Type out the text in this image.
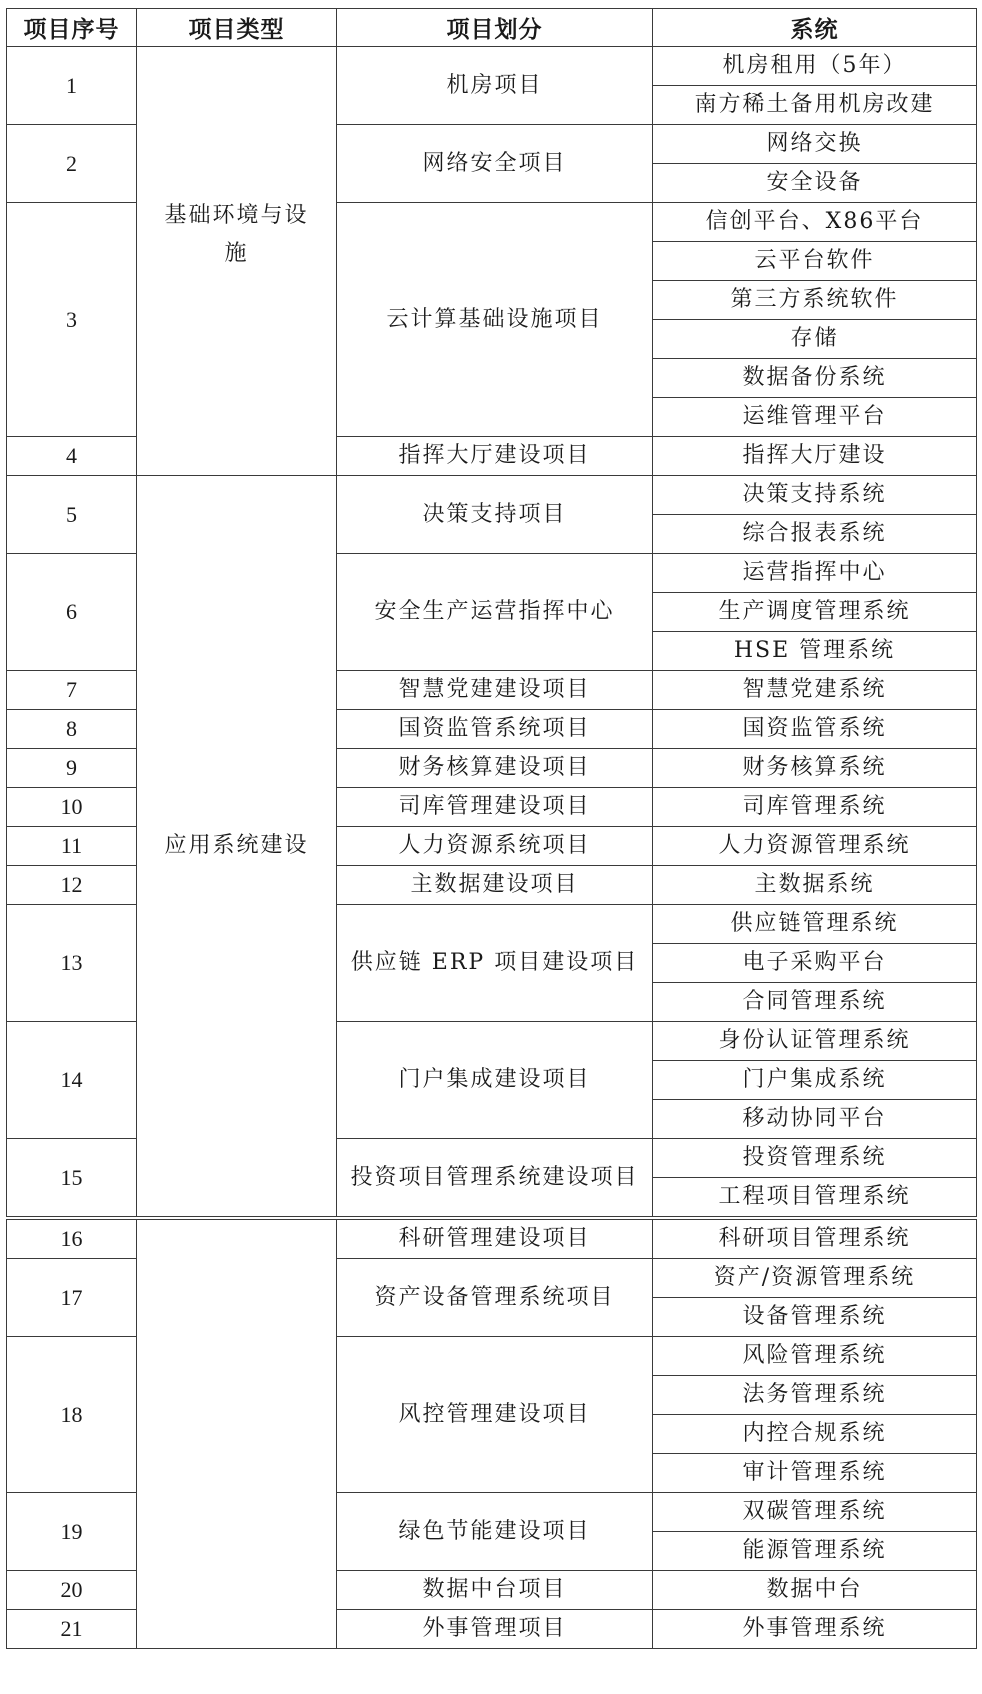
项目序号	项目类型	项目划分	系统
1	基础环境与设施	机房项目	机房租用（5年）
			南方稀土备用机房改建
2		网络安全项目	网络交换
			安全设备
3		云计算基础设施项目	信创平台、X86平台
			云平台软件
			第三方系统软件
			存储
			数据备份系统
			运维管理平台
4		指挥大厅建设项目	指挥大厅建设
5	应用系统建设	决策支持项目	决策支持系统
			综合报表系统
6		安全生产运营指挥中心	运营指挥中心
			生产调度管理系统
			HSE 管理系统
7		智慧党建建设项目	智慧党建系统
8		国资监管系统项目	国资监管系统
9		财务核算建设项目	财务核算系统
10		司库管理建设项目	司库管理系统
11		人力资源系统项目	人力资源管理系统
12		主数据建设项目	主数据系统
13		供应链 ERP 项目建设项目	供应链管理系统
			电子采购平台
			合同管理系统
14		门户集成建设项目	身份认证管理系统
			门户集成系统
			移动协同平台
15		投资项目管理系统建设项目	投资管理系统
			工程项目管理系统
16		科研管理建设项目	科研项目管理系统
17		资产设备管理系统项目	资产/资源管理系统
			设备管理系统
18		风控管理建设项目	风险管理系统
			法务管理系统
			内控合规系统
			审计管理系统
19		绿色节能建设项目	双碳管理系统
			能源管理系统
20		数据中台项目	数据中台
21		外事管理项目	外事管理系统
